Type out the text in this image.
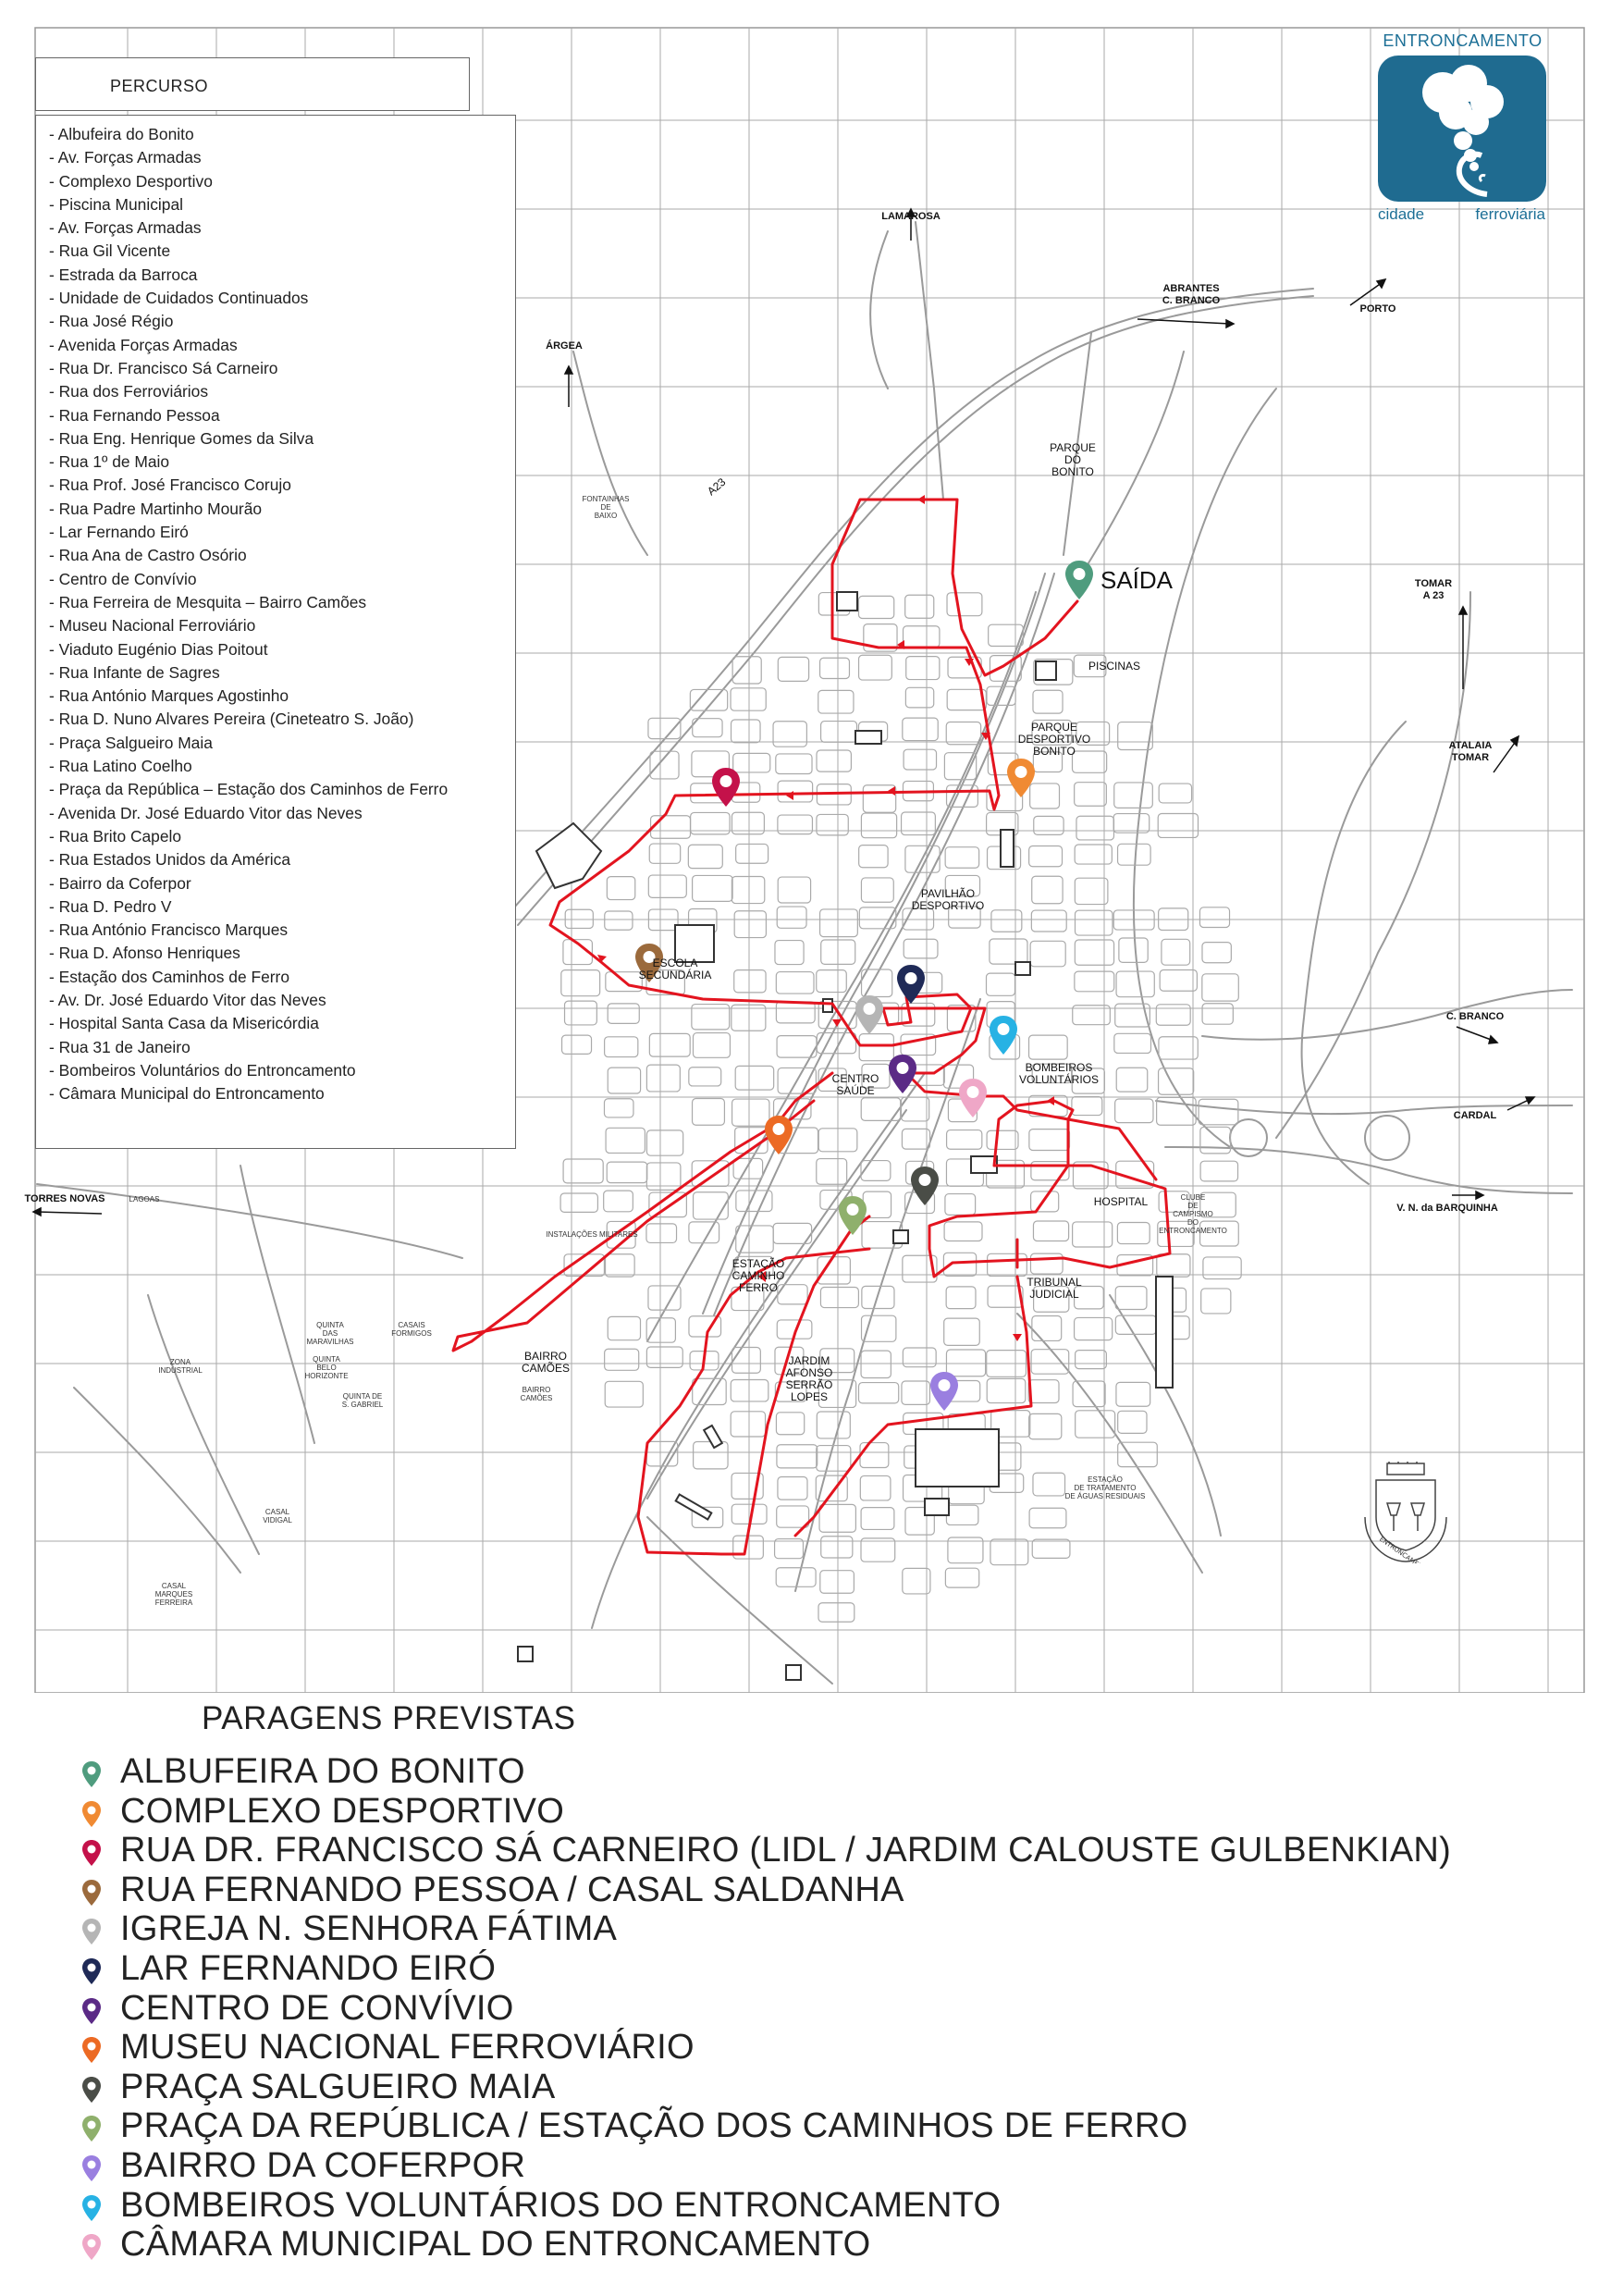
PERCURSO
- Albufeira do Bonito
- Av. Forças Armadas
- Complexo Desportivo
- Piscina Municipal
- Av. Forças Armadas
- Rua Gil Vicente
- Estrada da Barroca
- Unidade de Cuidados Continuados
- Rua José Régio
- Avenida Forças Armadas
- Rua Dr. Francisco Sá Carneiro
- Rua dos Ferroviários
- Rua Fernando Pessoa
- Rua Eng. Henrique Gomes da Silva
- Rua 1º de Maio
- Rua Prof. José Francisco Corujo
- Rua Padre Martinho Mourão
- Lar Fernando Eiró
- Rua Ana de Castro Osório
- Centro de Convívio
- Rua Ferreira de Mesquita – Bairro Camões
- Museu Nacional Ferroviário
- Viaduto Eugénio Dias Poitout
- Rua Infante de Sagres
- Rua António Marques Agostinho
- Rua D. Nuno Alvares Pereira (Cineteatro S. João)
- Praça Salgueiro Maia
- Rua Latino Coelho
- Praça da República – Estação dos Caminhos de Ferro
- Avenida Dr. José Eduardo Vitor das Neves
- Rua Brito Capelo
- Rua Estados Unidos da América
- Bairro da Coferpor
- Rua D. Pedro V
- Rua António Francisco Marques
- Rua D. Afonso Henriques
- Estação dos Caminhos de Ferro
- Av. Dr. José Eduardo Vitor das Neves
- Hospital Santa Casa da Misericórdia
- Rua 31 de Janeiro
- Bombeiros Voluntários do Entroncamento
- Câmara Municipal do Entroncamento
ENTRONCAMENTO
cidade	ferroviária
LAMAROSA
ABRANTES
C. BRANCO
PORTO
ÁRGEA
A23
FONTAINHAS
DE
BAIXO
PARQUE
DO
BONITO
TOMAR
A 23
PISCINAS
PARQUE
DESPORTIVO
BONITO	ATALAIA
TOMAR
PAVILHÃO
DESPORTIVO
ESCOLA
SECUNDÁRIA
C. BRANCO
BOMBEIROS
VOLUNTÁRIOS
CENTRO
SAÚDE
CARDAL
TORRES NOVAS	LAGOAS
INSTALAÇÕES MILITARES
HOSPITAL	CLUBE
DE
CAMPISMO
DO
ENTRONCAMENTO
V. N. da BARQUINHA
ESTAÇÃO
CAMINHO
FERRO	TRIBUNAL
JUDICIAL
QUINTA
DAS
MARAVILHAS
CASAIS
FORMIGOS
QUINTA
BELO
HORIZONTE
ZONA
INDUSTRIAL
QUINTA DE
S. GABRIEL
BAIRRO
CAMÕES
BAIRRO
CAMÕES
JARDIM
AFONSO
SERRÃO
LOPES
ESTAÇÃO
DE TRATAMENTO
DE ÁGUAS RESIDUAIS
CASAL
VIDIGAL
CASAL
MARQUES
FERREIRA
SAÍDA
ENTRONCAMENTO
PARAGENS PREVISTAS
ALBUFEIRA DO BONITO
COMPLEXO DESPORTIVO
RUA DR. FRANCISCO SÁ CARNEIRO (LIDL / JARDIM CALOUSTE GULBENKIAN)
RUA FERNANDO PESSOA / CASAL SALDANHA
IGREJA N. SENHORA FÁTIMA
LAR FERNANDO EIRÓ
CENTRO DE CONVÍVIO
MUSEU NACIONAL FERROVIÁRIO
PRAÇA SALGUEIRO MAIA
PRAÇA DA REPÚBLICA / ESTAÇÃO DOS CAMINHOS DE FERRO
BAIRRO DA COFERPOR
BOMBEIROS VOLUNTÁRIOS DO ENTRONCAMENTO
CÂMARA MUNICIPAL DO ENTRONCAMENTO
